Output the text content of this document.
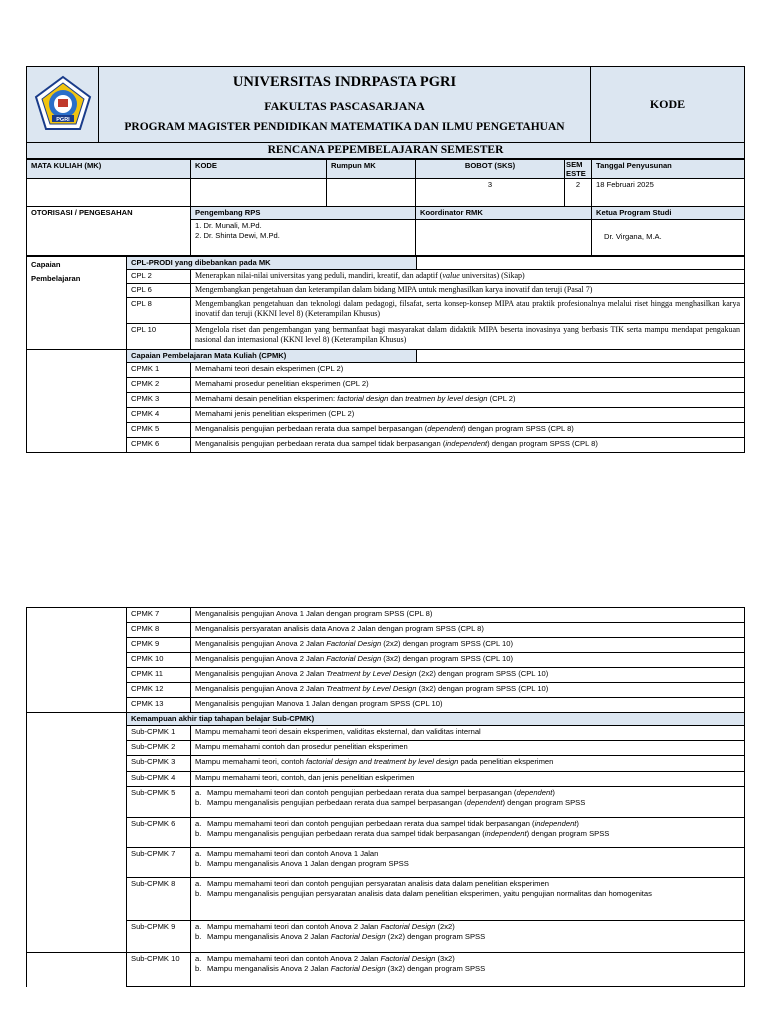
PGRI

UNIVERSITAS INDRPASTA PGRI
FAKULTAS PASCASARJANA
PROGRAM MAGISTER PENDIDIKAN MATEMATIKA DAN ILMU PENGETAHUAN
	KODE
RENCANA PEPEMBELAJARAN SEMESTER
MATA KULIAH (MK)	KODE	Rumpun MK	BOBOT (SKS)	SEM ESTE	Tanggal Penyusunan
			3	2	18 Februari 2025
OTORISASI / PENGESAHAN	Pengembang RPS		Koordinator RMK		Ketua Program Studi

	1. Dr. Munali, M.Pd.
2. Dr. Shinta Dewi, M.Pd.				Dr. Virgana, M.A.
Capaian
Pembelajaran	CPL-PRODI yang dibebankan pada MK		
	CPL 2	Menerapkan nilai-nilai universitas yang peduli, mandiri, kreatif, dan adaptif (value universitas) (Sikap)	
	CPL 6	Mengembangkan pengetahuan dan keterampilan dalam bidang MIPA untuk menghasilkan karya inovatif dan teruji (Pasal 7)	
	CPL 8	Mengembangkan pengetahuan dan teknologi dalam pedagogi, filsafat, serta konsep-konsep MIPA atau praktik profesionalnya melalui riset hingga menghasilkan karya inovatif dan teruji (KKNI level 8) (Keterampilan Khusus)	
	CPL 10	Mengelola riset dan pengembangan yang bermanfaat bagi masyarakat dalam didaktik MIPA beserta inovasinya yang berbasis TIK serta mampu mendapat pengakuan nasional dan internasional (KKNI level 8) (Keterampilan Khusus)	
	Capaian Pembelajaran Mata Kuliah (CPMK)		
	CPMK 1	Memahami teori desain eksperimen (CPL 2)	
	CPMK 2	Memahami prosedur penelitian eksperimen (CPL 2)	
	CPMK 3	Memahami desain penelitian eksperimen: factorial design dan treatmen by level design (CPL 2)	
	CPMK 4	Memahami jenis penelitian eksperimen (CPL 2)	
	CPMK 5	Menganalisis pengujian perbedaan rerata dua sampel berpasangan (dependent) dengan program SPSS (CPL 8)	
	CPMK 6	Menganalisis pengujian perbedaan rerata dua sampel tidak berpasangan (independent) dengan program SPSS (CPL 8)	
	CPMK 7	Menganalisis pengujian Anova 1 Jalan dengan program SPSS (CPL 8)
	CPMK 8	Menganalisis persyaratan analisis data Anova 2 Jalan dengan program SPSS (CPL 8)
	CPMK 9	Menganalisis pengujian Anova 2 Jalan Factorial Design (2x2) dengan program SPSS (CPL 10)
	CPMK 10	Menganalisis pengujian Anova 2 Jalan Factorial Design (3x2) dengan program SPSS (CPL 10)
	CPMK 11	Menganalisis pengujian Anova 2 Jalan Treatment by Level Design (2x2) dengan program SPSS (CPL 10)
	CPMK 12	Menganalisis pengujian Anova 2 Jalan Treatment by Level Design (3x2) dengan program SPSS (CPL 10)
	CPMK 13	Menganalisis pengujian Manova 1 Jalan dengan program SPSS (CPL 10)
	Kemampuan akhir tiap tahapan belajar Sub-CPMK)	
	Sub-CPMK 1	Mampu memahami teori desain eksperimen, validitas eksternal, dan validitas internal
	Sub-CPMK 2	Mampu memahami contoh dan prosedur penelitian eksperimen
	Sub-CPMK 3	Mampu memahami teori, contoh factorial design and treatment by level design pada penelitian eksperimen
	Sub-CPMK 4	Mampu memahami teori, contoh, dan jenis penelitian eskperimen
	Sub-CPMK 5	a. Mampu memahami teori dan contoh pengujian perbedaan rerata dua sampel berpasangan (dependent)
b. Mampu menganalisis pengujian perbedaan rerata dua sampel berpasangan (dependent) dengan program SPSS

	Sub-CPMK 6	a. Mampu memahami teori dan contoh pengujian perbedaan rerata dua sampel tidak berpasangan (independent)
b. Mampu menganalisis pengujian perbedaan rerata dua sampel tidak berpasangan (independent) dengan program SPSS

	Sub-CPMK 7	a. Mampu memahami teori dan contoh Anova 1 Jalan
b. Mampu menganalisis Anova 1 Jalan dengan program SPSS

	Sub-CPMK 8	a. Mampu memahami teori dan contoh pengujian persyaratan analisis data dalam penelitian eksperimen
b. Mampu menganalisis pengujian persyaratan analisis data dalam penelitian eksperimen, yaitu pengujian normalitas dan homogenitas

	Sub-CPMK 9	a. Mampu memahami teori dan contoh Anova 2 Jalan Factorial Design (2x2)
b. Mampu menganalisis Anova 2 Jalan Factorial Design (2x2) dengan program SPSS

	Sub-CPMK 10	a. Mampu memahami teori dan contoh Anova 2 Jalan Factorial Design (3x2)
b. Mampu menganalisis Anova 2 Jalan Factorial Design (3x2) dengan program SPSS
